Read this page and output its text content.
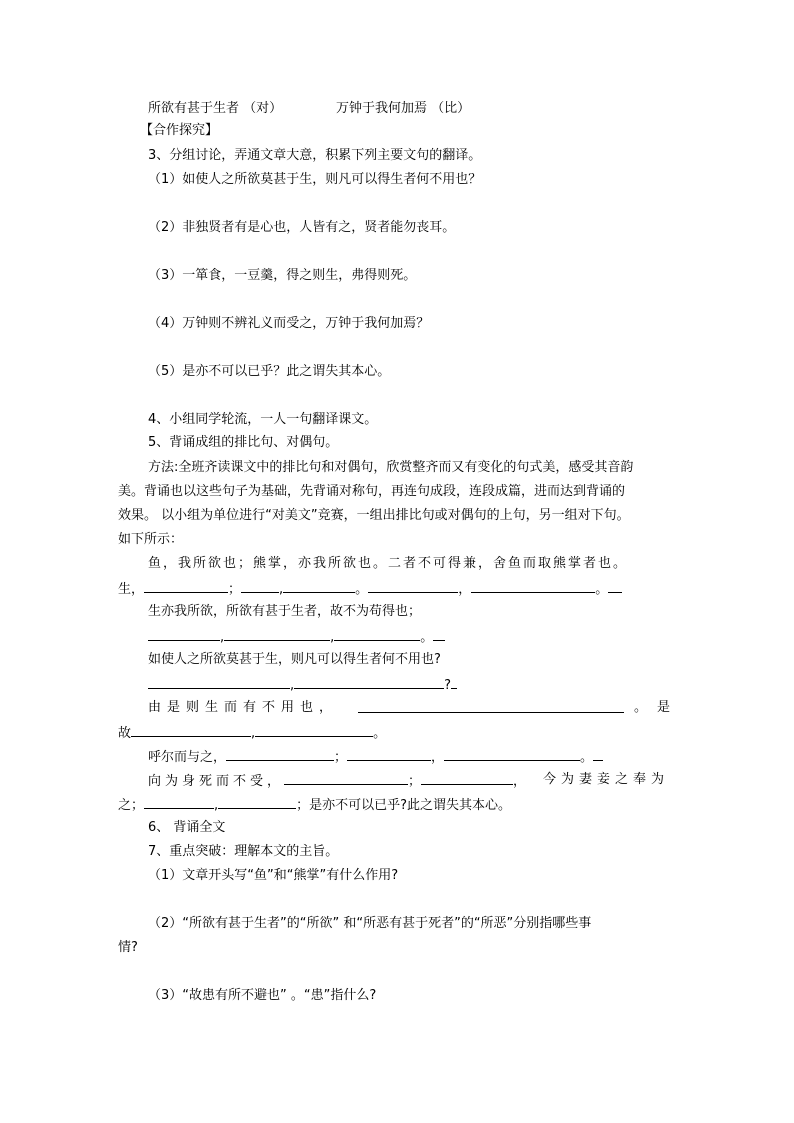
所欲有甚于生者 （对）	万钟于我何加焉 （比）
【合作探究】
3、分组讨论，弄通文章大意，积累下列主要文句的翻译。
（1）如使人之所欲莫甚于生，则凡可以得生者何不用也？
（2）非独贤者有是心也，人皆有之，贤者能勿丧耳。
（3）一箪食，一豆羹，得之则生，弗得则死。
（4）万钟则不辨礼义而受之，万钟于我何加焉？
（5）是亦不可以已乎？此之谓失其本心。
4、小组同学轮流，一人一句翻译课文。
5、背诵成组的排比句、对偶句。
方法:全班齐读课文中的排比句和对偶句，欣赏整齐而又有变化的句式美，感受其音韵
美。背诵也以这些句子为基础，先背诵对称句，再连句成段，连段成篇，进而达到背诵的
效果。 以小组为单位进行“对美文”竞赛，一组出排比句或对偶句的上句，另一组对下句。
如下所示：
鱼，我所欲也；熊掌，亦我所欲也。二者不可得兼，舍鱼而取熊掌者也。
生，	；	,	。	，	。
生亦我所欲，所欲有甚于生者，故不为苟得也；
,	,	。
如使人之所欲莫甚于生，则凡可以得生者何不用也?
,	?
由是则生而有不用也，	。是
故	,	。
呼尔而与之，	；	，	。
向为身死而不受，	；	， 今为妻妾之奉为
之；	,	；是亦不可以已乎?此之谓失其本心。
6、 背诵全文
7、重点突破：理解本文的主旨。
（1）文章开头写“鱼”和“熊掌”有什么作用?
（2）“所欲有甚于生者”的“所欲” 和“所恶有甚于死者”的“所恶”分别指哪些事
情?
（3）“故患有所不避也” 。“患”指什么?
